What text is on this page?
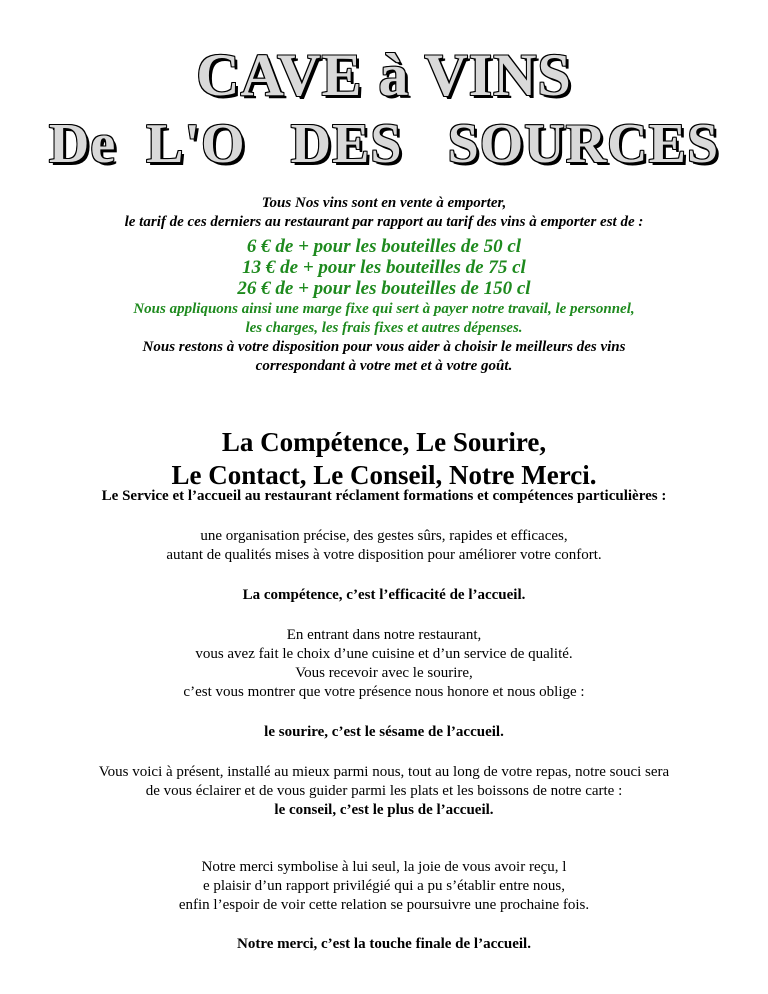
CAVE à VINS
De  L'O   DES   SOURCES
Tous Nos vins sont en vente à emporter,
le tarif de ces derniers au restaurant par rapport au tarif des vins à emporter est de :
6 € de + pour les bouteilles de 50 cl
13 € de + pour les bouteilles de 75 cl
26 € de + pour les bouteilles de 150 cl
Nous appliquons ainsi une marge fixe qui sert à payer notre travail, le personnel,
les charges, les frais fixes et autres dépenses.
Nous restons à votre disposition pour vous aider à choisir le meilleurs des vins
correspondant à votre met et à votre goût.
La Compétence, Le Sourire,
Le Contact, Le Conseil, Notre Merci.
Le Service et l’accueil au restaurant réclament formations et compétences particulières :
une organisation précise, des gestes sûrs, rapides et efficaces,
autant de qualités mises à votre disposition pour améliorer votre confort.
La compétence, c’est l’efficacité de l’accueil.
En entrant dans notre restaurant,
vous avez fait le choix d’une cuisine et d’un service de qualité.
Vous recevoir avec le sourire,
c’est vous montrer que votre présence nous honore et nous oblige :
le sourire, c’est le sésame de l’accueil.
Vous voici à présent, installé au mieux parmi nous, tout au long de votre repas, notre souci sera
de vous éclairer et de vous guider parmi les plats et les boissons de notre carte :
le conseil, c’est le plus de l’accueil.
Notre merci symbolise à lui seul, la joie de vous avoir reçu, l
e plaisir d’un rapport privilégié qui a pu s’établir entre nous,
enfin l’espoir de voir cette relation se poursuivre une prochaine fois.
Notre merci, c’est la touche finale de l’accueil.
